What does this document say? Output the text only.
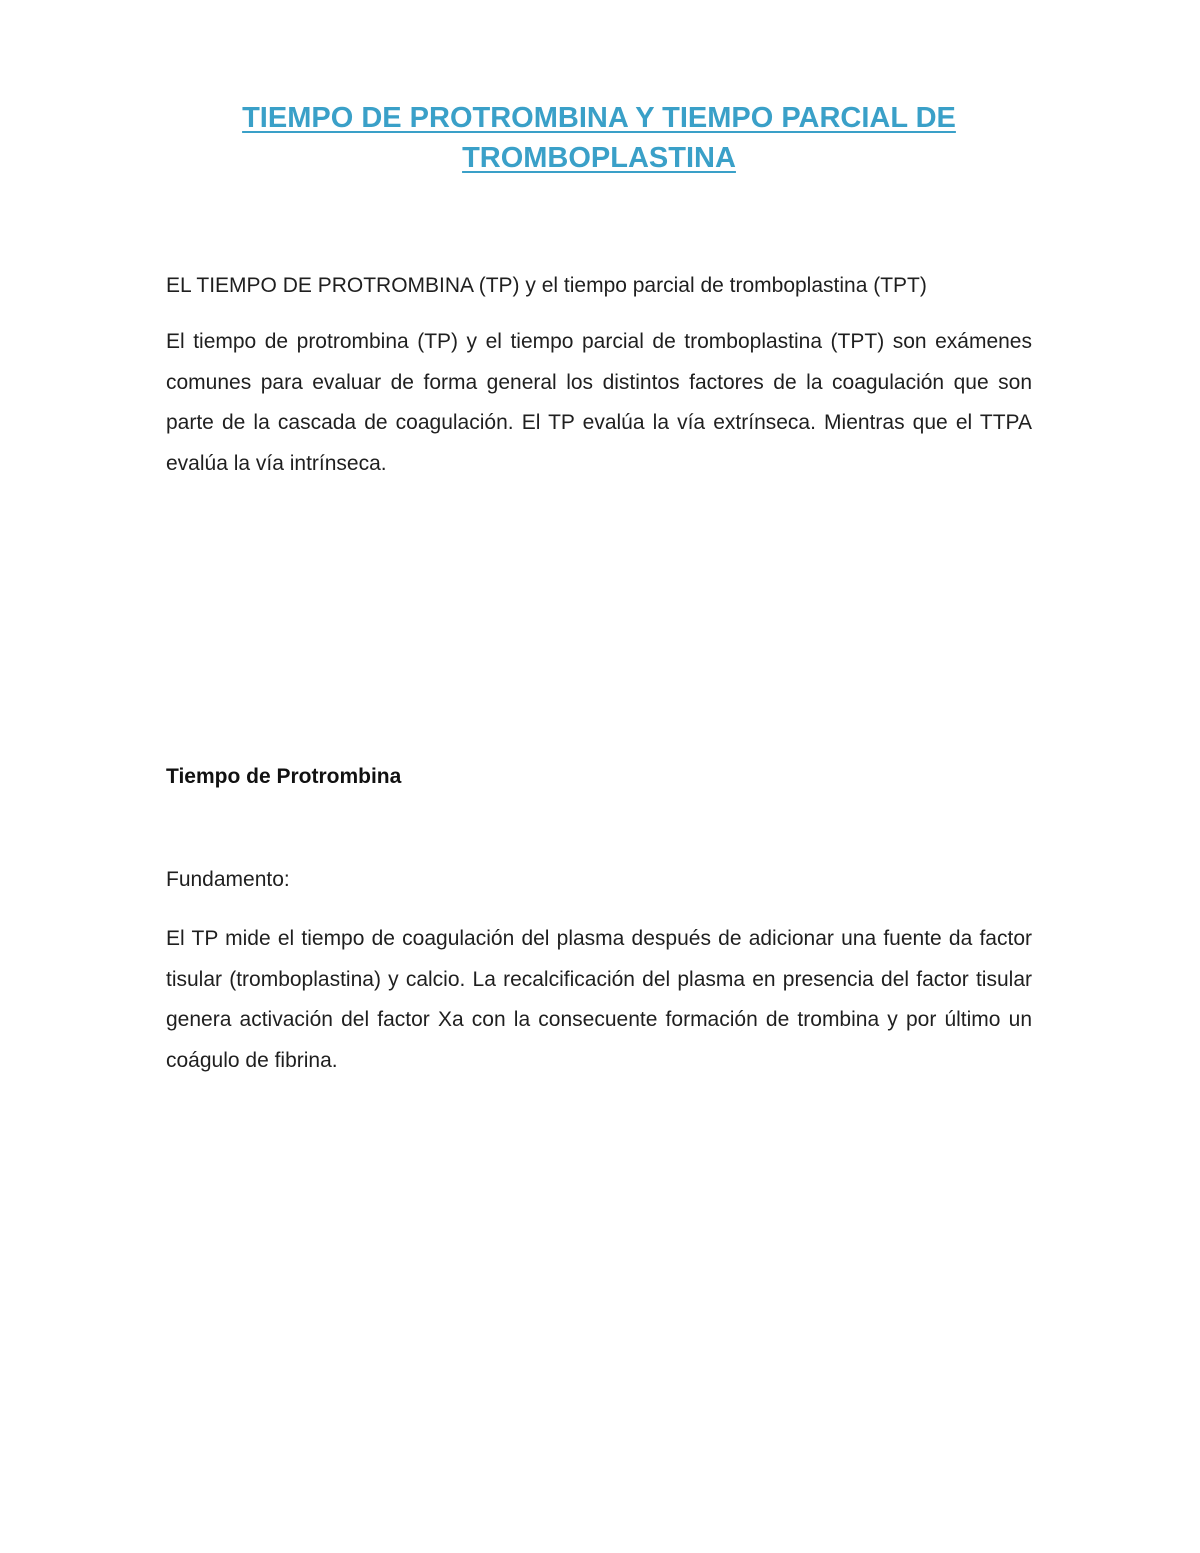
TIEMPO DE PROTROMBINA Y TIEMPO PARCIAL DE TROMBOPLASTINA

EL TIEMPO DE PROTROMBINA (TP) y el tiempo parcial de tromboplastina (TPT)

El tiempo de protrombina (TP) y el tiempo parcial de tromboplastina (TPT) son exámenes comunes para evaluar de forma general los distintos factores de la coagulación que son parte de la cascada de coagulación. El TP evalúa la vía extrínseca. Mientras que el TTPA evalúa la vía intrínseca.

Tiempo de Protrombina

Fundamento:

El TP mide el tiempo de coagulación del plasma después de adicionar una fuente da factor tisular (tromboplastina) y calcio. La recalcificación del plasma en presencia del factor tisular genera activación del factor Xa con la consecuente formación de trombina y por último un coágulo de fibrina.
